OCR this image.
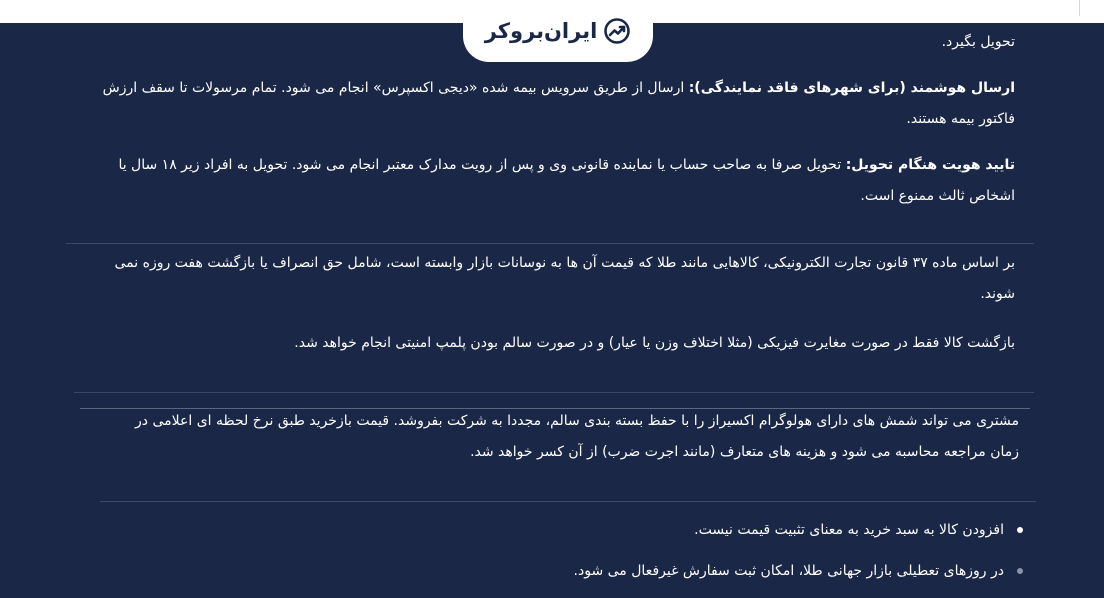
ایران‌بروکر	تحویل بگیرد.

ارسال هوشمند (برای شهرهای فاقد نمایندگی): ارسال از طریق سرویس بیمه شده «دیجی اکسپرس» انجام می شود. تمام مرسولات تا سقف ارزش
فاکتور بیمه هستند.
تایید هویت هنگام تحویل: تحویل صرفا به صاحب حساب یا نماینده قانونی وی و پس از رویت مدارک معتبر انجام می شود. تحویل به افراد زیر ۱۸ سال یا
اشخاص ثالث ممنوع است.
بر اساس ماده ۳۷ قانون تجارت الکترونیکی، کالاهایی مانند طلا که قیمت آن ها به نوسانات بازار وابسته است، شامل حق انصراف یا بازگشت هفت روزه نمی
شوند.

بازگشت کالا فقط در صورت مغایرت فیزیکی (مثلا اختلاف وزن یا عیار) و در صورت سالم بودن پلمپ امنیتی انجام خواهد شد.

مشتری می تواند شمش های دارای هولوگرام اکسیراز را با حفظ بسته بندی سالم، مجددا به شرکت بفروشد. قیمت بازخرید طبق نرخ لحظه ای اعلامی در
زمان مراجعه محاسبه می شود و هزینه های متعارف (مانند اجرت ضرب) از آن کسر خواهد شد.
افزودن کالا به سبد خرید به معنای تثبیت قیمت نیست.
در روزهای تعطیلی بازار جهانی طلا، امکان ثبت سفارش غیرفعال می شود.
